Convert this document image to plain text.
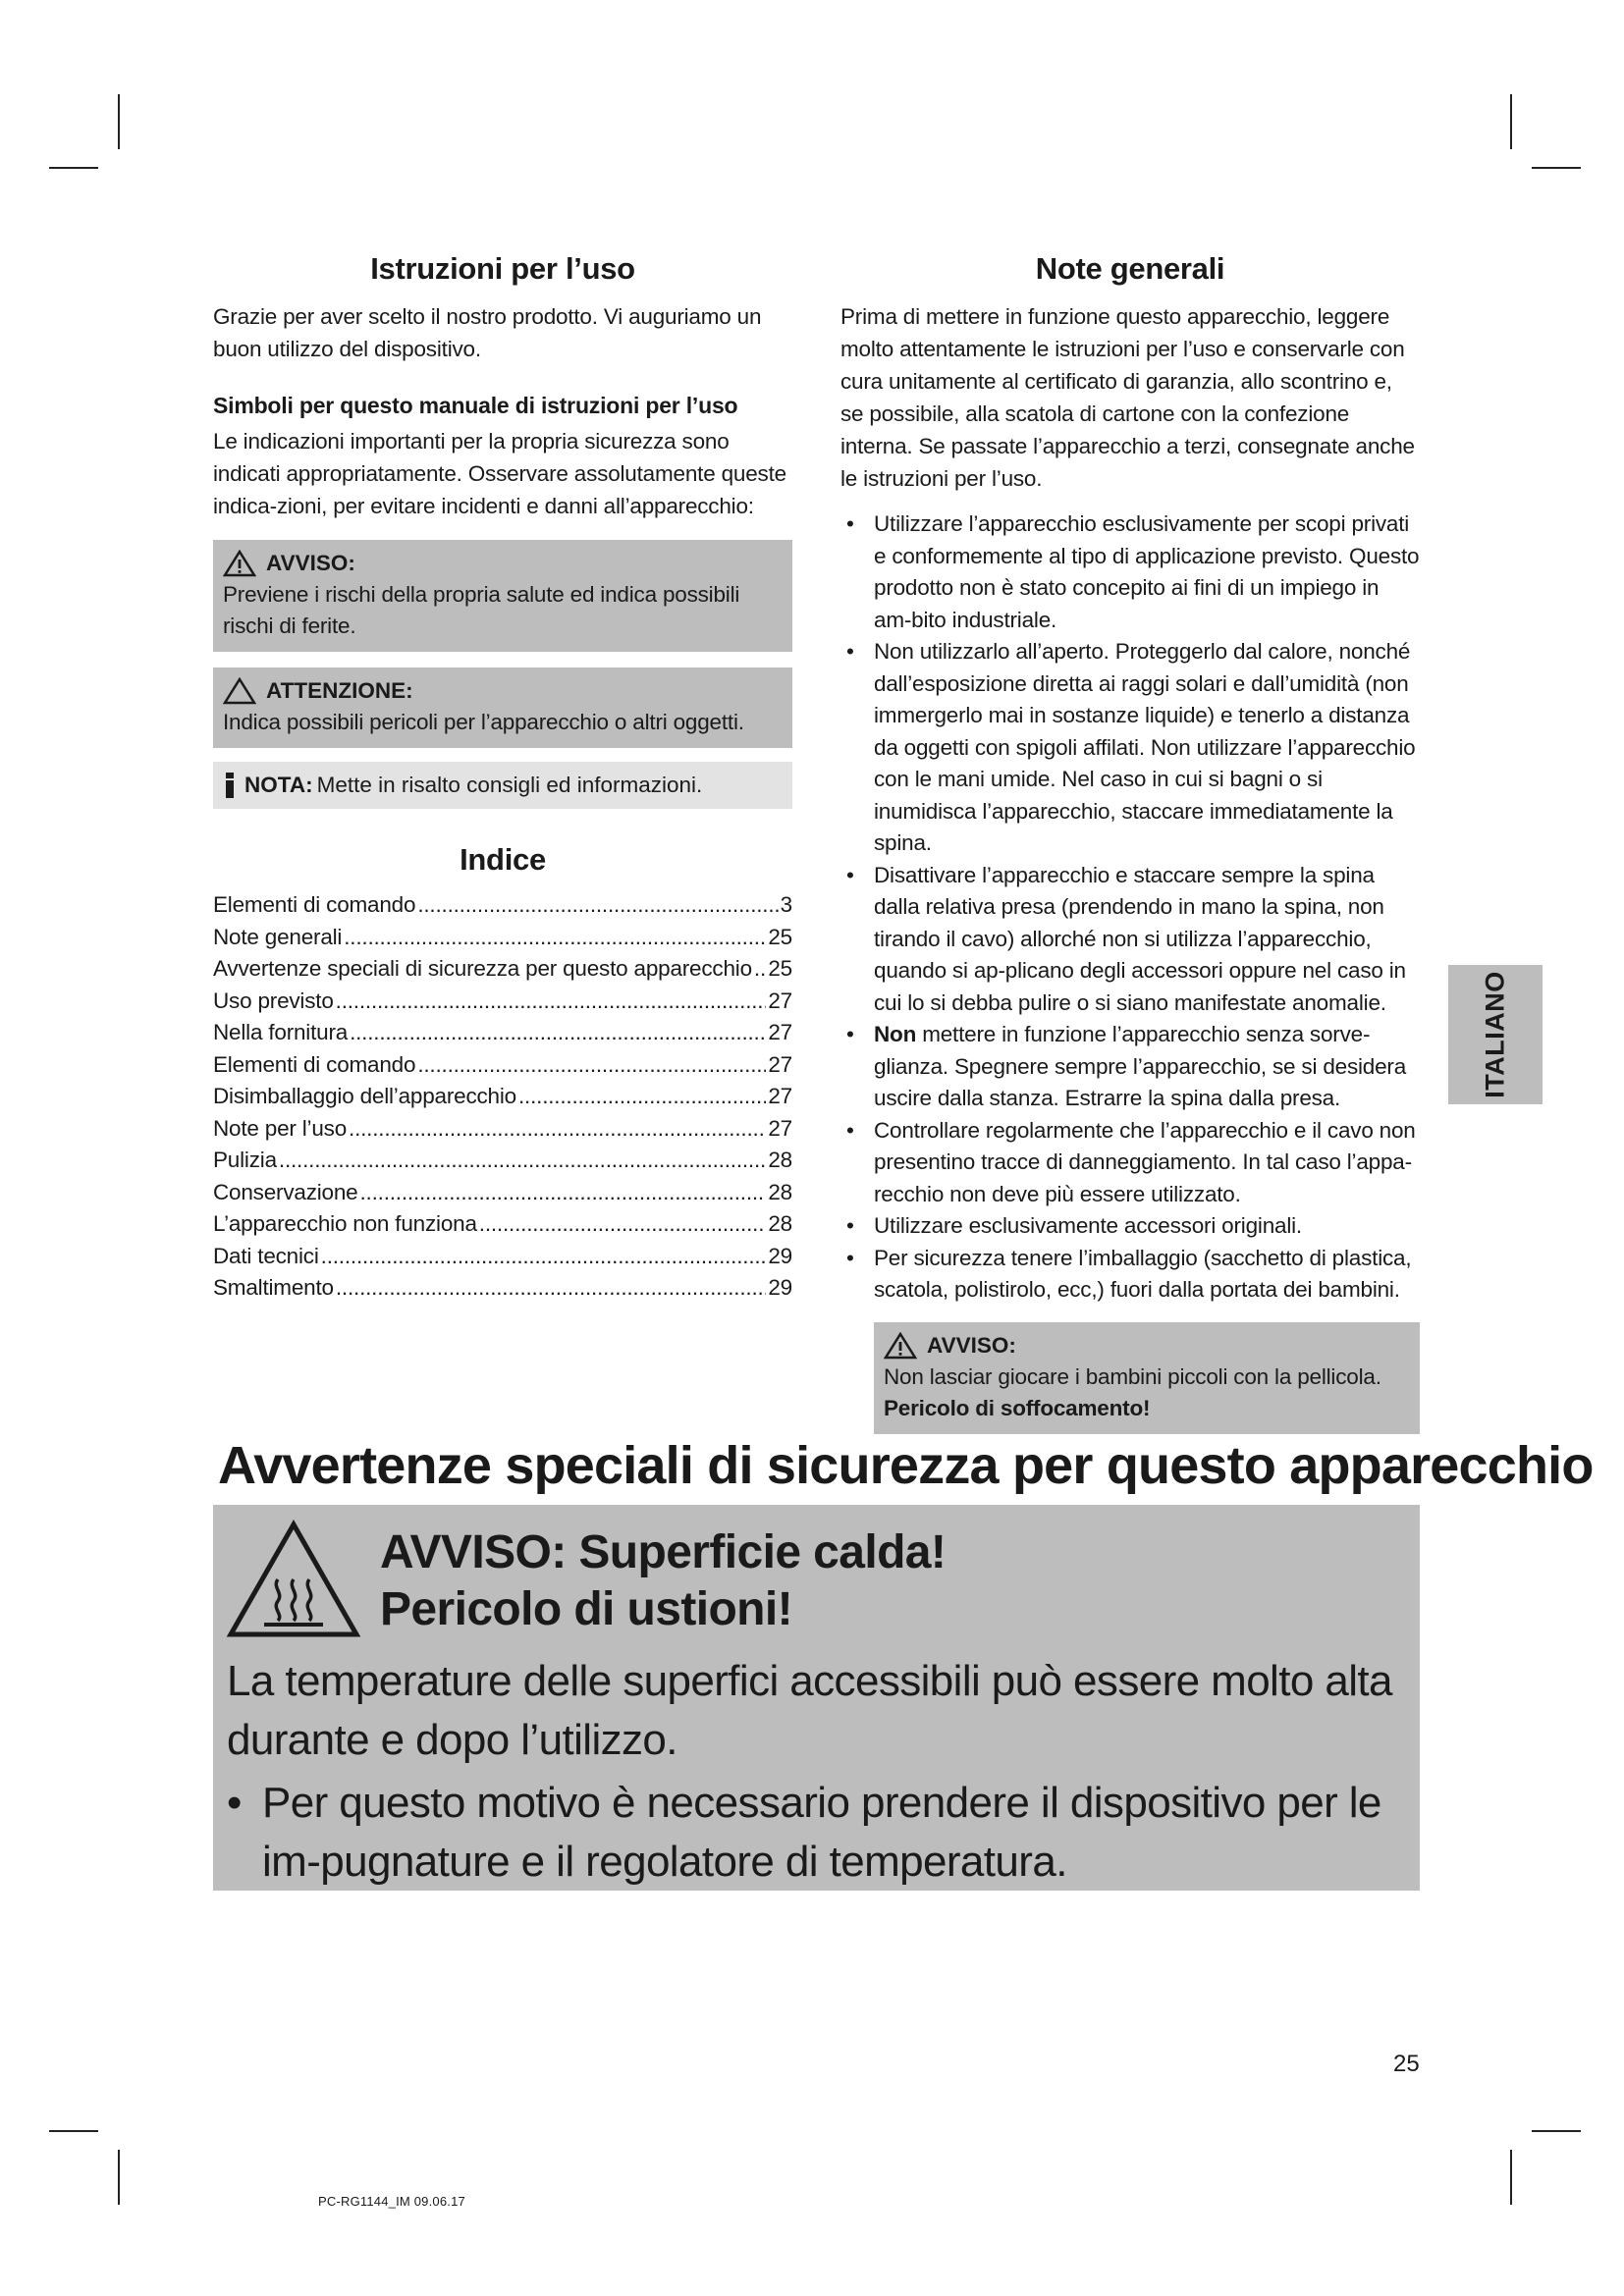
Istruzioni per l’uso

Grazie per aver scelto il nostro prodotto. Vi auguriamo un buon utilizzo del dispositivo.

Simboli per questo manuale di istruzioni per l’uso

Le indicazioni importanti per la propria sicurezza sono indicati appropriatamente. Osservare assolutamente queste indica-zioni, per evitare incidenti e danni all’apparecchio:

AVVISO:
Previene i rischi della propria salute ed indica possibili rischi di ferite.
ATTENZIONE:
Indica possibili pericoli per l’apparecchio o altri oggetti.
NOTA: Mette in risalto consigli ed informazioni.
Indice
Elementi di comando .....	3
Note generali .....	25
Avvertenze speciali di sicurezza per questo apparecchio ..... 25
Uso previsto .....	27
Nella fornitura .....	27
Elementi di comando .....	27
Disimballaggio dell’apparecchio .....	27
Note per l’uso .....	27
Pulizia .....	28
Conservazione .....	28
L’apparecchio non funziona .....	28
Dati tecnici .....	29
Smaltimento .....	29
Note generali

Prima di mettere in funzione questo apparecchio, leggere molto attentamente le istruzioni per l’uso e conservarle con cura unitamente al certificato di garanzia, allo scontrino e, se possibile, alla scatola di cartone con la confezione interna. Se passate l’apparecchio a terzi, consegnate anche le istruzioni per l’uso.

• Utilizzare l’apparecchio esclusivamente per scopi privati e conformemente al tipo di applicazione previsto. Questo prodotto non è stato concepito ai fini di un impiego in am-bito industriale.
• Non utilizzarlo all’aperto. Proteggerlo dal calore, nonché dall’esposizione diretta ai raggi solari e dall’umidità (non immergerlo mai in sostanze liquide) e tenerlo a distanza da oggetti con spigoli affilati. Non utilizzare l’apparecchio con le mani umide. Nel caso in cui si bagni o si inumidisca l’apparecchio, staccare immediatamente la spina.
• Disattivare l’apparecchio e staccare sempre la spina dalla relativa presa (prendendo in mano la spina, non tirando il cavo) allorché non si utilizza l’apparecchio, quando si ap-plicano degli accessori oppure nel caso in cui lo si debba pulire o si siano manifestate anomalie.
• Non mettere in funzione l’apparecchio senza sorve-glianza. Spegnere sempre l’apparecchio, se si desidera uscire dalla stanza. Estrarre la spina dalla presa.
• Controllare regolarmente che l’apparecchio e il cavo non presentino tracce di danneggiamento. In tal caso l’appa-recchio non deve più essere utilizzato.
• Utilizzare esclusivamente accessori originali.
• Per sicurezza tenere l’imballaggio (sacchetto di plastica, scatola, polistirolo, ecc,) fuori dalla portata dei bambini.
AVVISO:
Non lasciar giocare i bambini piccoli con la pellicola.
Pericolo di soffocamento!
ITALIANO
Avvertenze speciali di sicurezza per questo apparecchio
AVVISO: Superficie calda!
Pericolo di ustioni!
La temperature delle superfici accessibili può essere molto alta durante e dopo l’utilizzo.
• Per questo motivo è necessario prendere il dispositivo per le im-pugnature e il regolatore di temperatura.
25
PC-RG1144_IM 09.06.17
